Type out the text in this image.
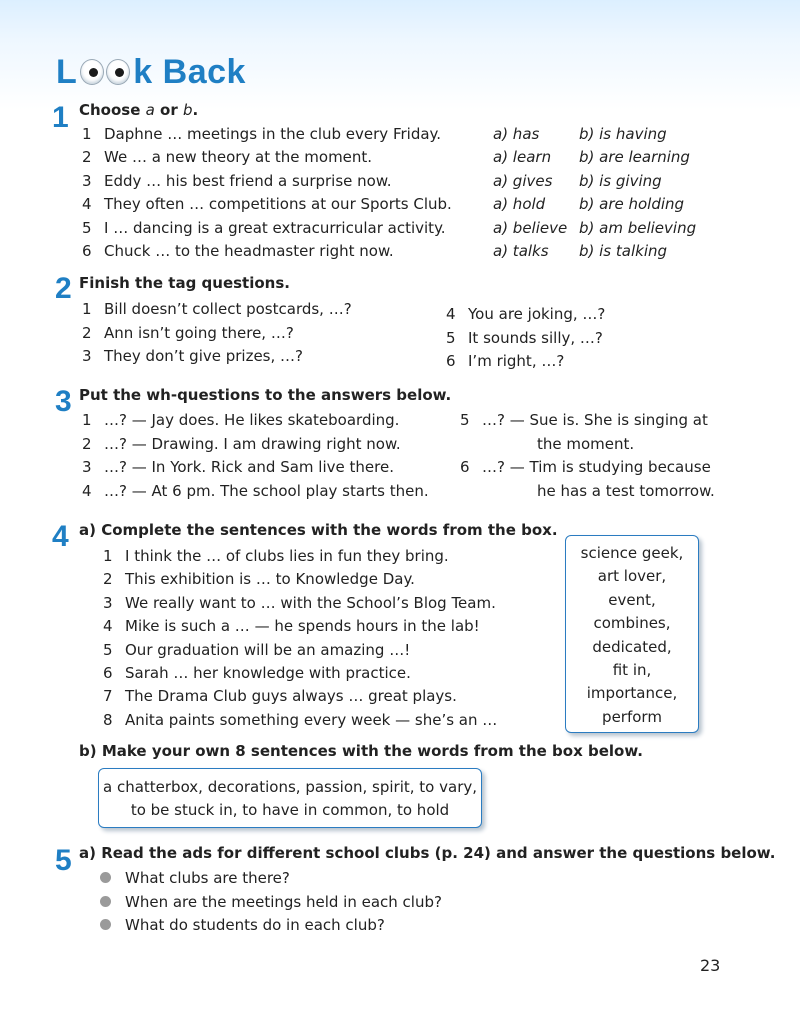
L k Back
1 Choose a or b.
1 Daphne … meetings in the club every Friday.	a) has	b) is having
2 We … a new theory at the moment.	a) learn b) are learning
3 Eddy … his best friend a surprise now.	a) gives b) is giving
4 They often … competitions at our Sports Club.	a) hold b) are holding
5 I … dancing is a great extracurricular activity.	a) believe b) am believing
6 Chuck … to the headmaster right now.	a) talks b) is talking
2 Finish the tag questions.
1 Bill doesn’t collect postcards, …?
2 Ann isn’t going there, …?
3 They don’t give prizes, …?
4 You are joking, …?
5 It sounds silly, …?
6 I’m right, …?
3 Put the wh-questions to the answers below.
1 …? — Jay does. He likes skateboarding.
2 …? — Drawing. I am drawing right now.
3 …? — In York. Rick and Sam live there.
4 …? — At 6 pm. The school play starts then.
5 …? — Sue is. She is singing at
the moment.
6 …? — Tim is studying because
he has a test tomorrow.
4 a) Complete the sentences with the words from the box.
1 I think the … of clubs lies in fun they bring.
2 This exhibition is … to Knowledge Day.
3 We really want to … with the School’s Blog Team.
4 Mike is such a … — he spends hours in the lab!
5 Our graduation will be an amazing …!
6 Sarah … her knowledge with practice.
7 The Drama Club guys always … great plays.
8 Anita paints something every week — she’s an …
science geek,
art lover,
event,
combines,
dedicated,
fit in,
importance,
perform
b) Make your own 8 sentences with the words from the box below.
a chatterbox, decorations, passion, spirit, to vary,
to be stuck in, to have in common, to hold
5 a) Read the ads for different school clubs (p. 24) and answer the questions below.
What clubs are there?
When are the meetings held in each club?
What do students do in each club?
23
